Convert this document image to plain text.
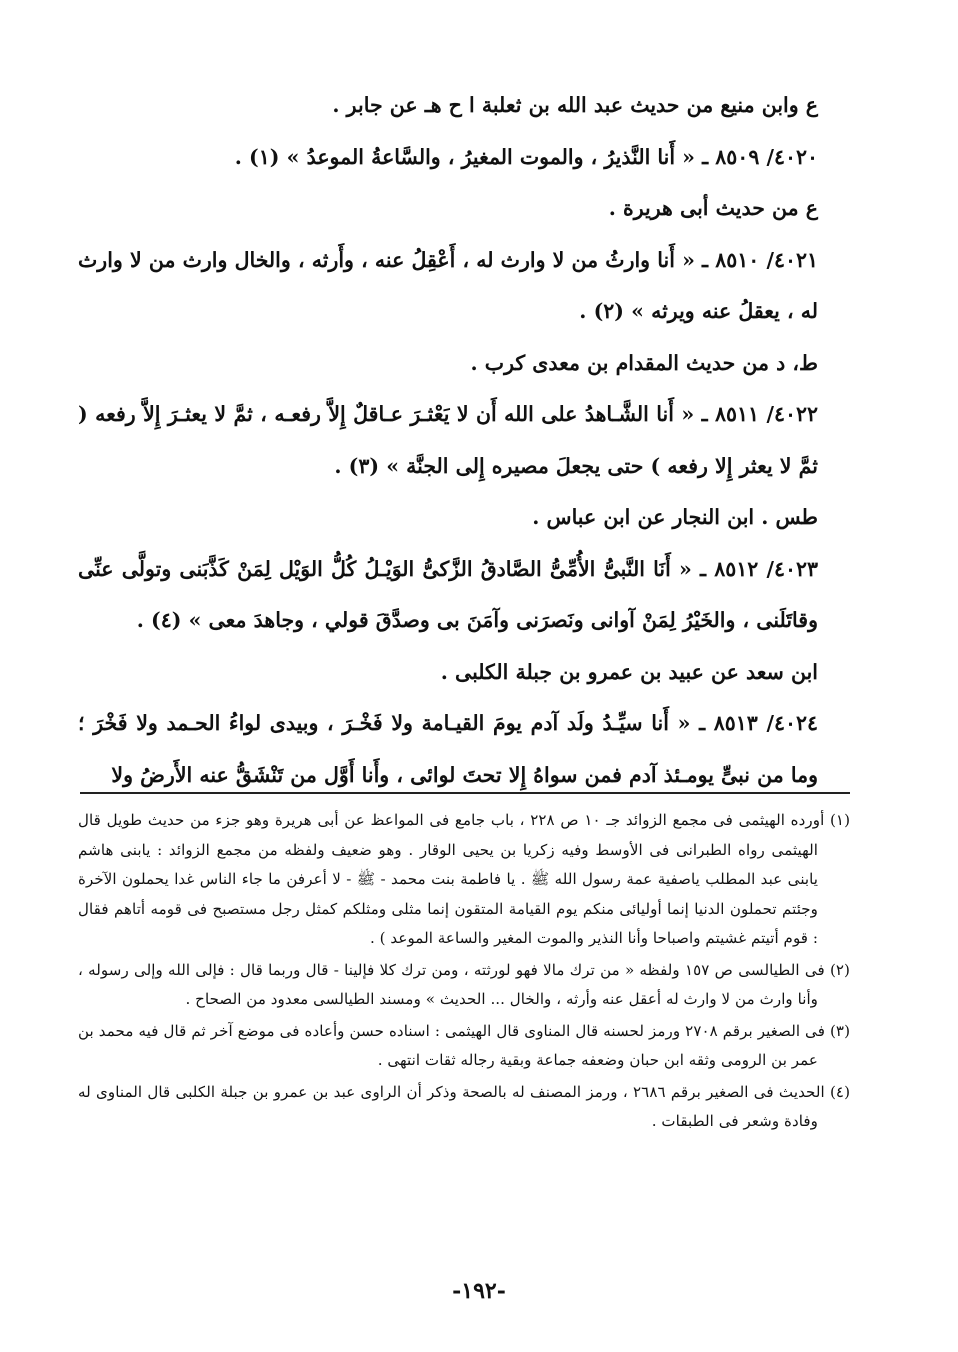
ع وابن منيع من حديث عبد الله بن ثعلبة ا ح هـ عن جابر .

٤٠٢٠/ ٨٥٠٩ ـ « أَنا النَّذيرُ ، والموت المغيرُ ، والسَّاعةُ الموعدُ » (١) .

ع من حديث أبى هريرة .

٤٠٢١/ ٨٥١٠ ـ « أَنا وارثُ من لا وارث له ، أَعْقِلُ عنه ، وأَرثه ، والخال وارث من لا وارث له ، يعقلُ عنه ويرثه » (٢) .

ط، د من حديث المقدام بن معدى كرب .

٤٠٢٢/ ٨٥١١ ـ « أَنا الشَّـاهدُ على الله أَن لا يَعْثـرَ عـاقلٌ إِلاَّ رفعـه ، ثمَّ لا يعثـرَ إِلاَّ رفعه ( ثمَّ لا يعثر إِلا رفعه ) حتى يجعلَ مصيره إِلى الجنَّة » (٣) .

طس . ابن النجار عن ابن عباس .

٤٠٢٣/ ٨٥١٢ ـ « أَنَا النَّبىُّ الأُمِّىُّ الصَّادقُ الزَّكىُّ الوَيْـلُ كُلُّ الوَيْل لِمَنْ كَذَّبَنى وتولَّى عنِّى وقاتَلَنى ، والخَيْرُ لِمَنْ آوانى ونَصرَنى وآمَنَ بى وصدَّقَ قولي ، وجاهدَ معى » (٤) .

ابن سعد عن عبيد بن عمرو بن جبلة الكلبى .

٤٠٢٤/ ٨٥١٣ ـ « أَنا سيِّـدُ ولَد آدم يومَ القيـامة ولا فَخْـرَ ، وبيدى لواءُ الحـمد ولا فَخْرَ ؛ وما من نبىٍّ يومـئذ آدم فمن سواهُ إِلا تحتَ لوائى ، وأَنا أَوَّل من تَنْشَقُّ عنه الأَرضُ ولا

(١) أورده الهيثمى فى مجمع الزوائد جـ ١٠ ص ٢٢٨ ، باب جامع فى المواعظ عن أبى هريرة وهو جزء من حديث طويل قال الهيثمى رواه الطبرانى فى الأوسط وفيه زكريا بن يحيى الوقار . وهو ضعيف ولفظه من مجمع الزوائد : يابنى هاشم يابنى عبد المطلب ياصفية عمة رسول الله ﷺ . يا فاطمة بنت محمد - ﷺ - لا أعرفن ما جاء الناس غدا يحملون الآخرة وجئتم تحملون الدنيا إنما أوليائى منكم يوم القيامة المتقون إنما مثلى ومثلكم كمثل رجل مستصبح فى قومه أتاهم فقال : قوم أتيتم غشيتم واصباحا وأنا النذير والموت المغير والساعة الموعد ) .

(٢) فى الطيالسى ص ١٥٧ ولفظه « من ترك مالا فهو لورثته ، ومن ترك كلا فإلينا - قال وربما قال : فإلى الله وإلى رسوله ، وأنا وارث من لا وارث له أعقل عنه وأرثه ، والخال ... الحديث » ومسند الطيالسى معدود من الصحاح .

(٣) فى الصغير برقم ٢٧٠٨ ورمز لحسنه قال المناوى قال الهيثمى : اسناده حسن وأعاده فى موضع آخر ثم قال فيه محمد بن عمر بن الرومى وثقه ابن حبان وضعفه جماعة وبقية رجاله ثقات انتهى .

(٤) الحديث فى الصغير برقم ٢٦٨٦ ، ورمز المصنف له بالصحة وذكر أن الراوى عبد بن عمرو بن جبلة الكلبى قال المناوى له وفادة وشعر فى الطبقات .

-١٩٢-
